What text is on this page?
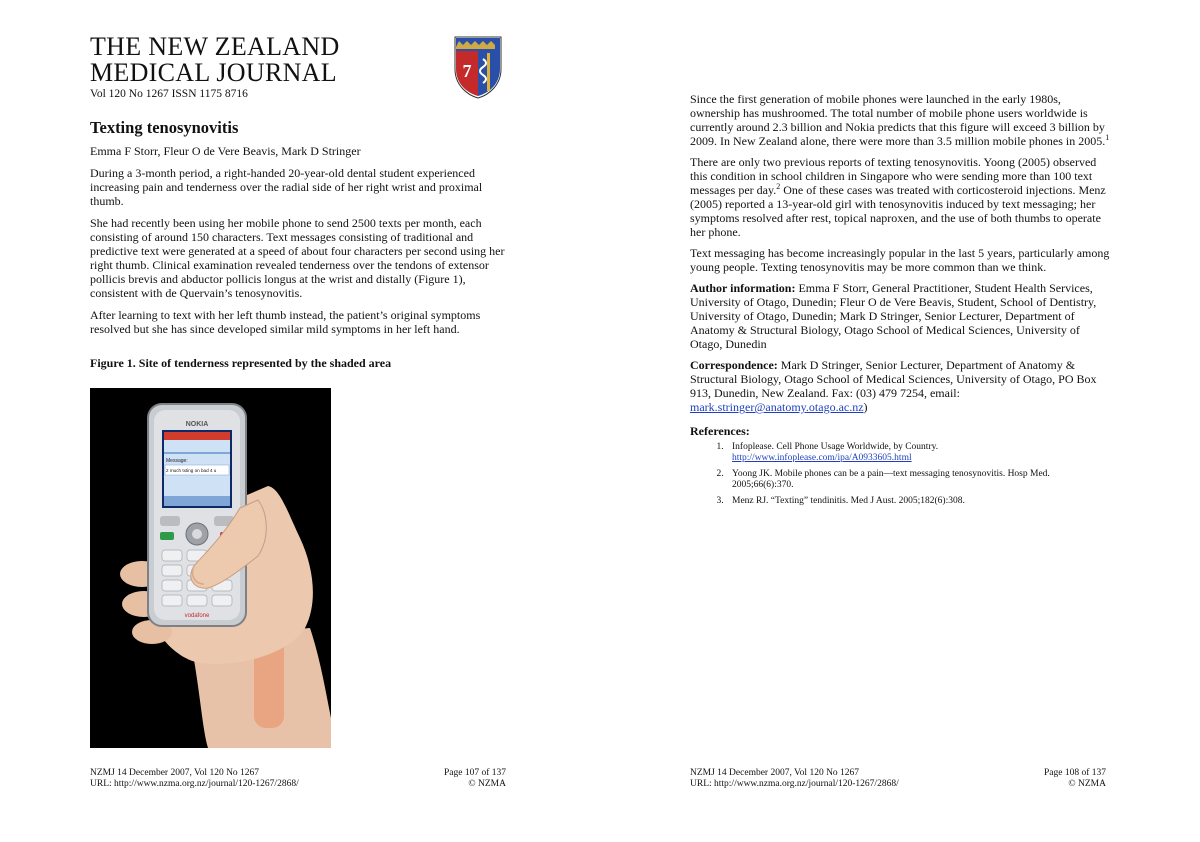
THE NEW ZEALAND
MEDICAL JOURNAL
Vol 120 No 1267 ISSN 1175 8716
7
Texting tenosynovitis
Emma F Storr, Fleur O de Vere Beavis, Mark D Stringer

During a 3-month period, a right-handed 20-year-old dental student experienced increasing pain and tenderness over the radial side of her right wrist and proximal thumb.

She had recently been using her mobile phone to send 2500 texts per month, each consisting of around 150 characters. Text messages consisting of traditional and predictive text were generated at a speed of about four characters per second using her right thumb. Clinical examination revealed tenderness over the tendons of extensor pollicis brevis and abductor pollicis longus at the wrist and distally (Figure 1), consistent with de Quervain’s tenosynovitis.

After learning to text with her left thumb instead, the patient’s original symptoms resolved but she has since developed similar mild symptoms in her left hand.

Figure 1. Site of tenderness represented by the shaded area
NOKIA
Message:
2 much txting on bad 4 u
vodafone
NZMJ 14 December 2007, Vol 120 No 1267
URL: http://www.nzma.org.nz/journal/120-1267/2868/
Page 107 of 137
© NZMA

Since the first generation of mobile phones were launched in the early 1980s, ownership has mushroomed. The total number of mobile phone users worldwide is currently around 2.3 billion and Nokia predicts that this figure will exceed 3 billion by 2009. In New Zealand alone, there were more than 3.5 million mobile phones in 2005.$^1$

There are only two previous reports of texting tenosynovitis. Yoong (2005) observed this condition in school children in Singapore who were sending more than 100 text messages per day.$^2$ One of these cases was treated with corticosteroid injections. Menz (2005) reported a 13-year-old girl with tenosynovitis induced by text messaging; her symptoms resolved after rest, topical naproxen, and the use of both thumbs to operate her phone.

Text messaging has become increasingly popular in the last 5 years, particularly among young people. Texting tenosynovitis may be more common than we think.

Author information: Emma F Storr, General Practitioner, Student Health Services, University of Otago, Dunedin; Fleur O de Vere Beavis, Student, School of Dentistry, University of Otago, Dunedin; Mark D Stringer, Senior Lecturer, Department of Anatomy & Structural Biology, Otago School of Medical Sciences, University of Otago, Dunedin

Correspondence: Mark D Stringer, Senior Lecturer, Department of Anatomy & Structural Biology, Otago School of Medical Sciences, University of Otago, PO Box 913, Dunedin, New Zealand. Fax: (03) 479 7254, email: mark.stringer@anatomy.otago.ac.nz)

References:
1. Infoplease. Cell Phone Usage Worldwide, by Country. http://www.infoplease.com/ipa/A0933605.html
2. Yoong JK. Mobile phones can be a pain—text messaging tenosynovitis. Hosp Med. 2005;66(6):370.
3. Menz RJ. “Texting” tendinitis. Med J Aust. 2005;182(6):308.
NZMJ 14 December 2007, Vol 120 No 1267
URL: http://www.nzma.org.nz/journal/120-1267/2868/
Page 108 of 137
© NZMA
